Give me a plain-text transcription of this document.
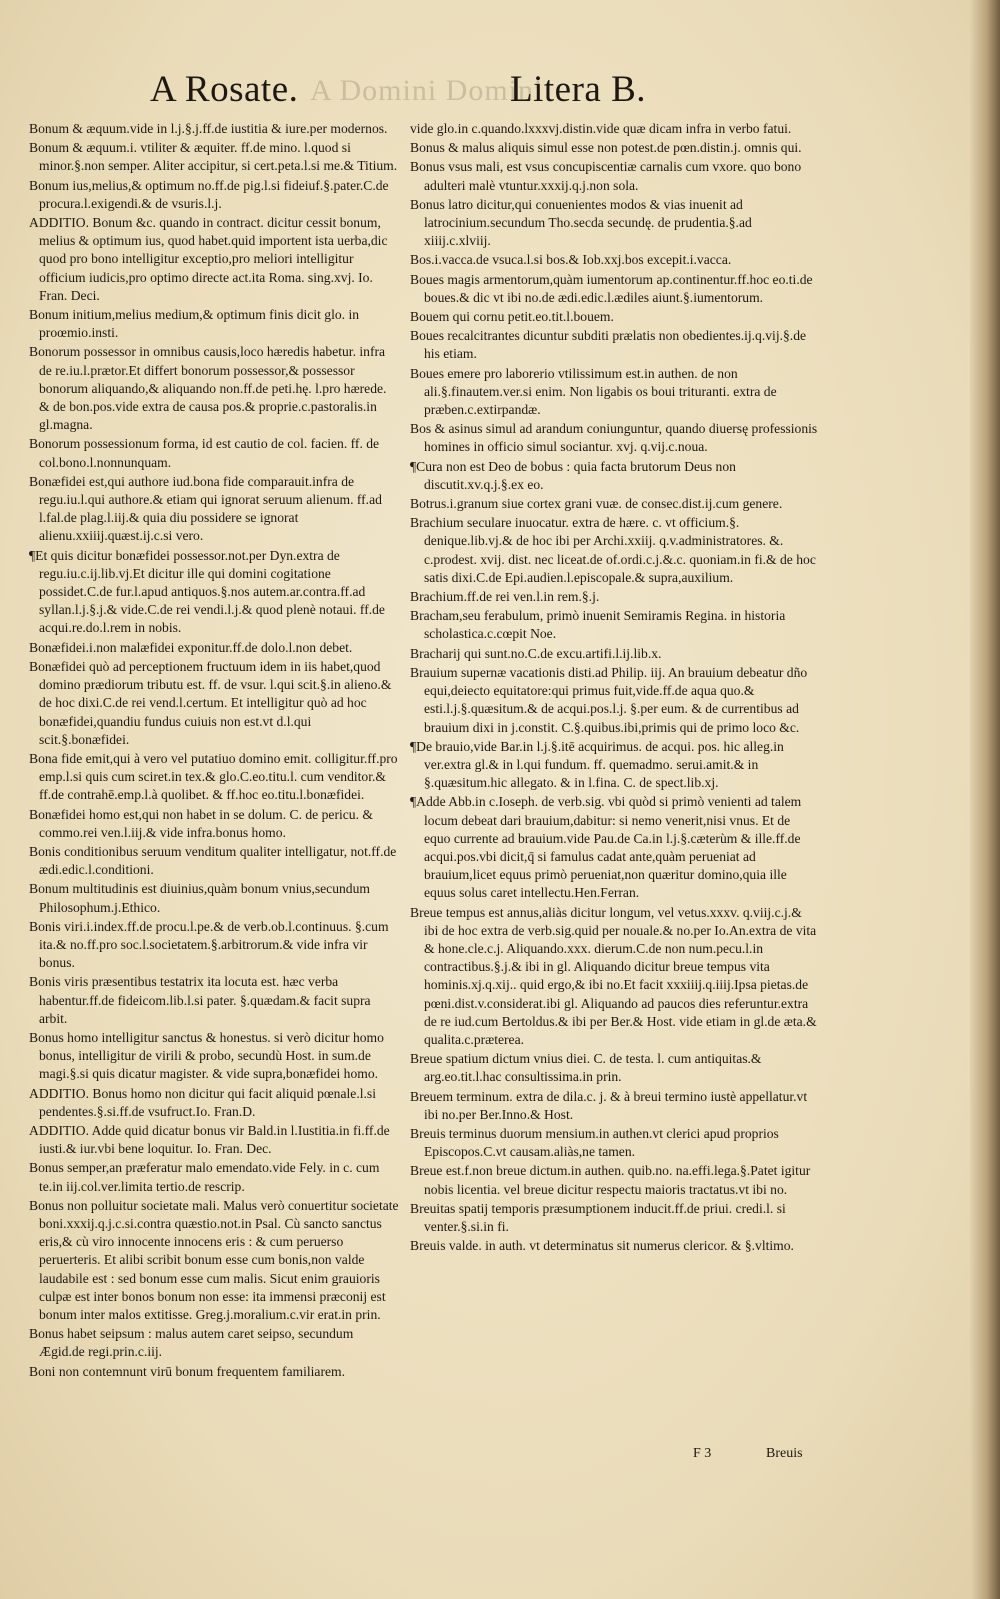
A Rosate. A Domini Domini
Litera B.

Bonum & æquum.vide in l.j.§.j.ff.de iustitia & iure.per modernos.

Bonum & æquum.i. vtiliter & æquiter. ff.de mino. l.quod si minor.§.non semper. Aliter accipitur, si cert.peta.l.si me.& Titium.

Bonum ius,melius,& optimum no.ff.de pig.l.si fideiuf.§.pater.C.de procura.l.exigendi.& de vsuris.l.j.

ADDITIO. Bonum &c. quando in contract. dicitur cessit bonum, melius & optimum ius, quod habet.quid importent ista uerba,dic quod pro bono intelligitur exceptio,pro meliori intelligitur officium iudicis,pro optimo directe act.ita Roma. sing.xvj. Io. Fran. Deci.

Bonum initium,melius medium,& optimum finis dicit glo. in proœmio.insti.

Bonorum possessor in omnibus causis,loco hæredis habetur. infra de re.iu.l.prætor.Et differt bonorum possessor,& possessor bonorum aliquando,& aliquando non.ff.de peti.hę. l.pro hærede. & de bon.pos.vide extra de causa pos.& proprie.c.pastoralis.in gl.magna.

Bonorum possessionum forma, id est cautio de col. facien. ff. de col.bono.l.nonnunquam.

Bonæfidei est,qui authore iud.bona fide comparauit.infra de regu.iu.l.qui authore.& etiam qui ignorat seruum alienum. ff.ad l.fal.de plag.l.iij.& quia diu possidere se ignorat alienu.xxiiij.quæst.ij.c.si vero.

¶Et quis dicitur bonæfidei possessor.not.per Dyn.extra de regu.iu.c.ij.lib.vj.Et dicitur ille qui domini cogitatione possidet.C.de fur.l.apud antiquos.§.nos autem.ar.contra.ff.ad syllan.l.j.§.j.& vide.C.de rei vendi.l.j.& quod plenè notaui. ff.de acqui.re.do.l.rem in nobis.

Bonæfidei.i.non malæfidei exponitur.ff.de dolo.l.non debet.

Bonæfidei quò ad perceptionem fructuum idem in iis habet,quod domino prædiorum tributu est. ff. de vsur. l.qui scit.§.in alieno.& de hoc dixi.C.de rei vend.l.certum. Et intelligitur quò ad hoc bonæfidei,quandiu fundus cuiuis non est.vt d.l.qui scit.§.bonæfidei.

Bona fide emit,qui à vero vel putatiuo domino emit. colligitur.ff.pro emp.l.si quis cum sciret.in tex.& glo.C.eo.titu.l. cum venditor.& ff.de contrahē.emp.l.à quolibet. & ff.hoc eo.titu.l.bonæfidei.

Bonæfidei homo est,qui non habet in se dolum. C. de pericu. & commo.rei ven.l.iij.& vide infra.bonus homo.

Bonis conditionibus seruum venditum qualiter intelligatur, not.ff.de ædi.edic.l.conditioni.

Bonum multitudinis est diuinius,quàm bonum vnius,secundum Philosophum.j.Ethico.

Bonis viri.i.index.ff.de procu.l.pe.& de verb.ob.l.continuus. §.cum ita.& no.ff.pro soc.l.societatem.§.arbitrorum.& vide infra vir bonus.

Bonis viris præsentibus testatrix ita locuta est. hæc verba habentur.ff.de fideicom.lib.l.si pater. §.quædam.& facit supra arbit.

Bonus homo intelligitur sanctus & honestus. si verò dicitur homo bonus, intelligitur de virili & probo, secundù Host. in sum.de magi.§.si quis dicatur magister. & vide supra,bonæfidei homo.

ADDITIO. Bonus homo non dicitur qui facit aliquid pœnale.l.si pendentes.§.si.ff.de vsufruct.Io. Fran.D.

ADDITIO. Adde quid dicatur bonus vir Bald.in l.Iustitia.in fi.ff.de iusti.& iur.vbi bene loquitur. Io. Fran. Dec.

Bonus semper,an præferatur malo emendato.vide Fely. in c. cum te.in iij.col.ver.limita tertio.de rescrip.

Bonus non polluitur societate mali. Malus verò conuertitur societate boni.xxxij.q.j.c.si.contra quæstio.not.in Psal. Cù sancto sanctus eris,& cù viro innocente innocens eris : & cum peruerso peruerteris. Et alibi scribit bonum esse cum bonis,non valde laudabile est : sed bonum esse cum malis. Sicut enim grauioris culpæ est inter bonos bonum non esse: ita immensi præconij est bonum inter malos extitisse. Greg.j.moralium.c.vir erat.in prin.

Bonus habet seipsum : malus autem caret seipso, secundum Ægid.de regi.prin.c.iij.

Boni non contemnunt virū bonum frequentem familiarem.

vide glo.in c.quando.lxxxvj.distin.vide quæ dicam infra in verbo fatui.

Bonus & malus aliquis simul esse non potest.de pœn.distin.j. omnis qui.

Bonus vsus mali, est vsus concupiscentiæ carnalis cum vxore. quo bono adulteri malè vtuntur.xxxij.q.j.non sola.

Bonus latro dicitur,qui conuenientes modos & vias inuenit ad latrocinium.secundum Tho.secda secundę. de prudentia.§.ad xiiij.c.xlviij.

Bos.i.vacca.de vsuca.l.si bos.& Iob.xxj.bos excepit.i.vacca.

Boues magis armentorum,quàm iumentorum ap.continentur.ff.hoc eo.ti.de boues.& dic vt ibi no.de ædi.edic.l.ædiles aiunt.§.iumentorum.

Bouem qui cornu petit.eo.tit.l.bouem.

Boues recalcitrantes dicuntur subditi prælatis non obedientes.ij.q.vij.§.de his etiam.

Boues emere pro laborerio vtilissimum est.in authen. de non ali.§.finautem.ver.si enim. Non ligabis os boui trituranti. extra de præben.c.extirpandæ.

Bos & asinus simul ad arandum coniunguntur, quando diuersę professionis homines in officio simul sociantur. xvj. q.vij.c.noua.

¶Cura non est Deo de bobus : quia facta brutorum Deus non discutit.xv.q.j.§.ex eo.

Botrus.i.granum siue cortex grani vuæ. de consec.dist.ij.cum genere.

Brachium seculare inuocatur. extra de hære. c. vt officium.§. denique.lib.vj.& de hoc ibi per Archi.xxiij. q.v.administratores. &. c.prodest. xvij. dist. nec liceat.de of.ordi.c.j.&.c. quoniam.in fi.& de hoc satis dixi.C.de Epi.audien.l.episcopale.& supra,auxilium.

Brachium.ff.de rei ven.l.in rem.§.j.

Bracham,seu ferabulum, primò inuenit Semiramis Regina. in historia scholastica.c.cœpit Noe.

Bracharij qui sunt.no.C.de excu.artifi.l.ij.lib.x.

Brauium supernæ vacationis disti.ad Philip. iij. An brauium debeatur dño equi,deiecto equitatore:qui primus fuit,vide.ff.de aqua quo.& esti.l.j.§.quæsitum.& de acqui.pos.l.j. §.per eum. & de currentibus ad brauium dixi in j.constit. C.§.quibus.ibi,primis qui de primo loco &c.

¶De brauio,vide Bar.in l.j.§.itē acquirimus. de acqui. pos. hic alleg.in ver.extra gl.& in l.qui fundum. ff. quemadmo. serui.amit.& in §.quæsitum.hic allegato. & in l.fina. C. de spect.lib.xj.

¶Adde Abb.in c.Ioseph. de verb.sig. vbi quòd si primò venienti ad talem locum debeat dari brauium,dabitur: si nemo venerit,nisi vnus. Et de equo currente ad brauium.vide Pau.de Ca.in l.j.§.cæterùm & ille.ff.de acqui.pos.vbi dicit,q̄ si famulus cadat ante,quàm perueniat ad brauium,licet equus primò perueniat,non quæritur domino,quia ille equus solus caret intellectu.Hen.Ferran.

Breue tempus est annus,aliàs dicitur longum, vel vetus.xxxv. q.viij.c.j.& ibi de hoc extra de verb.sig.quid per nouale.& no.per Io.An.extra de vita & hone.cle.c.j. Aliquando.xxx. dierum.C.de non num.pecu.l.in contractibus.§.j.& ibi in gl. Aliquando dicitur breue tempus vita hominis.xj.q.xij.. quid ergo,& ibi no.Et facit xxxiiij.q.iiij.Ipsa pietas.de pœni.dist.v.considerat.ibi gl. Aliquando ad paucos dies referuntur.extra de re iud.cum Bertoldus.& ibi per Ber.& Host. vide etiam in gl.de æta.& qualita.c.præterea.

Breue spatium dictum vnius diei. C. de testa. l. cum antiquitas.& arg.eo.tit.l.hac consultissima.in prin.

Breuem terminum. extra de dila.c. j. & à breui termino iustè appellatur.vt ibi no.per Ber.Inno.& Host.

Breuis terminus duorum mensium.in authen.vt clerici apud proprios Episcopos.C.vt causam.aliàs,ne tamen.

Breue est.f.non breue dictum.in authen. quib.no. na.effi.lega.§.Patet igitur nobis licentia. vel breue dicitur respectu maioris tractatus.vt ibi no.

Breuitas spatij temporis præsumptionem inducit.ff.de priui. credi.l. si venter.§.si.in fi.

Breuis valde. in auth. vt determinatus sit numerus clericor. & §.vltimo.

F 3	Breuis
